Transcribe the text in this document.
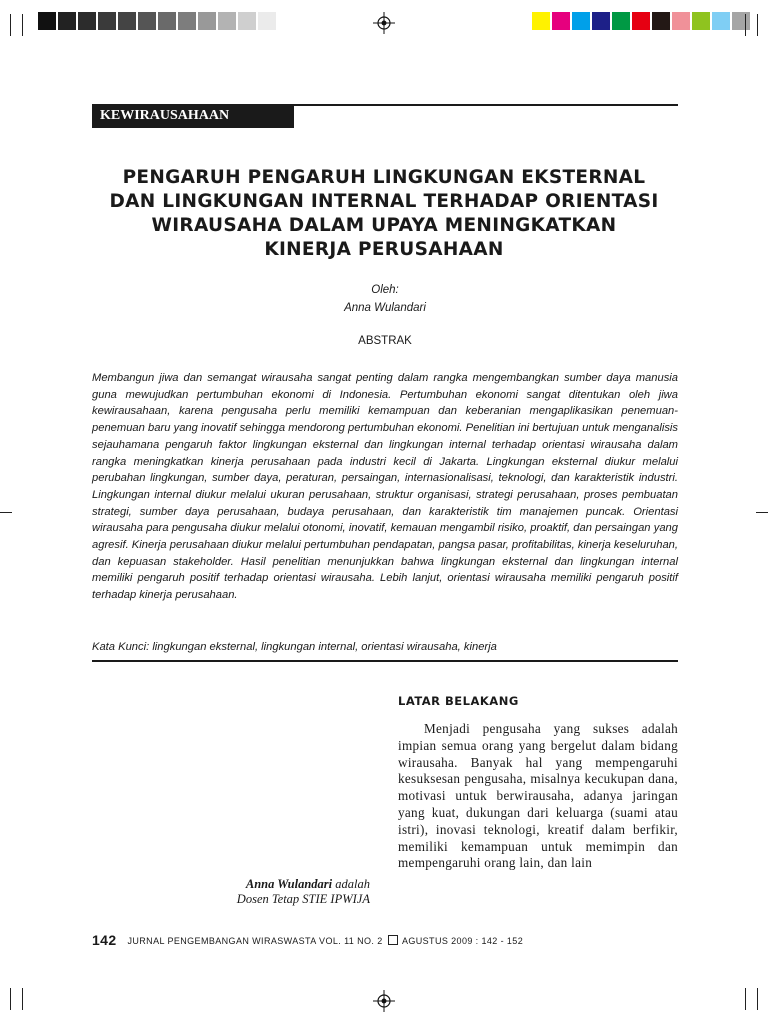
KEWIRAUSAHAAN
PENGARUH PENGARUH LINGKUNGAN EKSTERNAL
DAN LINGKUNGAN INTERNAL TERHADAP ORIENTASI
WIRAUSAHA DALAM UPAYA MENINGKATKAN
KINERJA PERUSAHAAN
Oleh:
Anna Wulandari
ABSTRAK
Membangun jiwa dan semangat wirausaha sangat penting dalam rangka mengembangkan sumber daya manusia guna mewujudkan pertumbuhan ekonomi di Indonesia. Pertumbuhan ekonomi sangat ditentukan oleh jiwa kewirausahaan, karena pengusaha perlu memiliki kemampuan dan keberanian mengaplikasikan penemuan-penemuan baru yang inovatif sehingga mendorong pertumbuhan ekonomi. Penelitian ini bertujuan untuk menganalisis sejauhamana pengaruh faktor lingkungan eksternal dan lingkungan internal terhadap orientasi wirausaha dalam rangka meningkatkan kinerja perusahaan pada industri kecil di Jakarta. Lingkungan eksternal diukur melalui perubahan lingkungan, sumber daya, peraturan, persaingan, internasionalisasi, teknologi, dan karakteristik industri. Lingkungan internal diukur melalui ukuran perusahaan, struktur organisasi, strategi perusahaan, proses pembuatan strategi, sumber daya perusahaan, budaya perusahaan, dan karakteristik tim manajemen puncak. Orientasi wirausaha para pengusaha diukur melalui otonomi, inovatif, kemauan mengambil risiko, proaktif, dan persaingan yang agresif. Kinerja perusahaan diukur melalui pertumbuhan pendapatan, pangsa pasar, profitabilitas, kinerja keseluruhan, dan kepuasan stakeholder. Hasil penelitian menunjukkan bahwa lingkungan eksternal dan lingkungan internal memiliki pengaruh positif terhadap orientasi wirausaha. Lebih lanjut, orientasi wirausaha memiliki pengaruh positif terhadap kinerja perusahaan.
Kata Kunci: lingkungan eksternal, lingkungan internal, orientasi wirausaha, kinerja
LATAR BELAKANG

Menjadi pengusaha yang sukses adalah impian semua orang yang bergelut dalam bidang wirausaha. Banyak hal yang mempengaruhi kesuksesan pengusaha, misalnya kecukupan dana, motivasi untuk berwirausaha, adanya jaringan yang kuat, dukungan dari keluarga (suami atau istri), inovasi teknologi, kreatif dalam berfikir, memiliki kemampuan untuk memimpin dan mempengaruhi orang lain, dan lain

Anna Wulandari adalah
Dosen Tetap STIE IPWIJA
142 JURNAL PENGEMBANGAN WIRASWASTA VOL. 11 NO. 2 AGUSTUS 2009 : 142 - 152
